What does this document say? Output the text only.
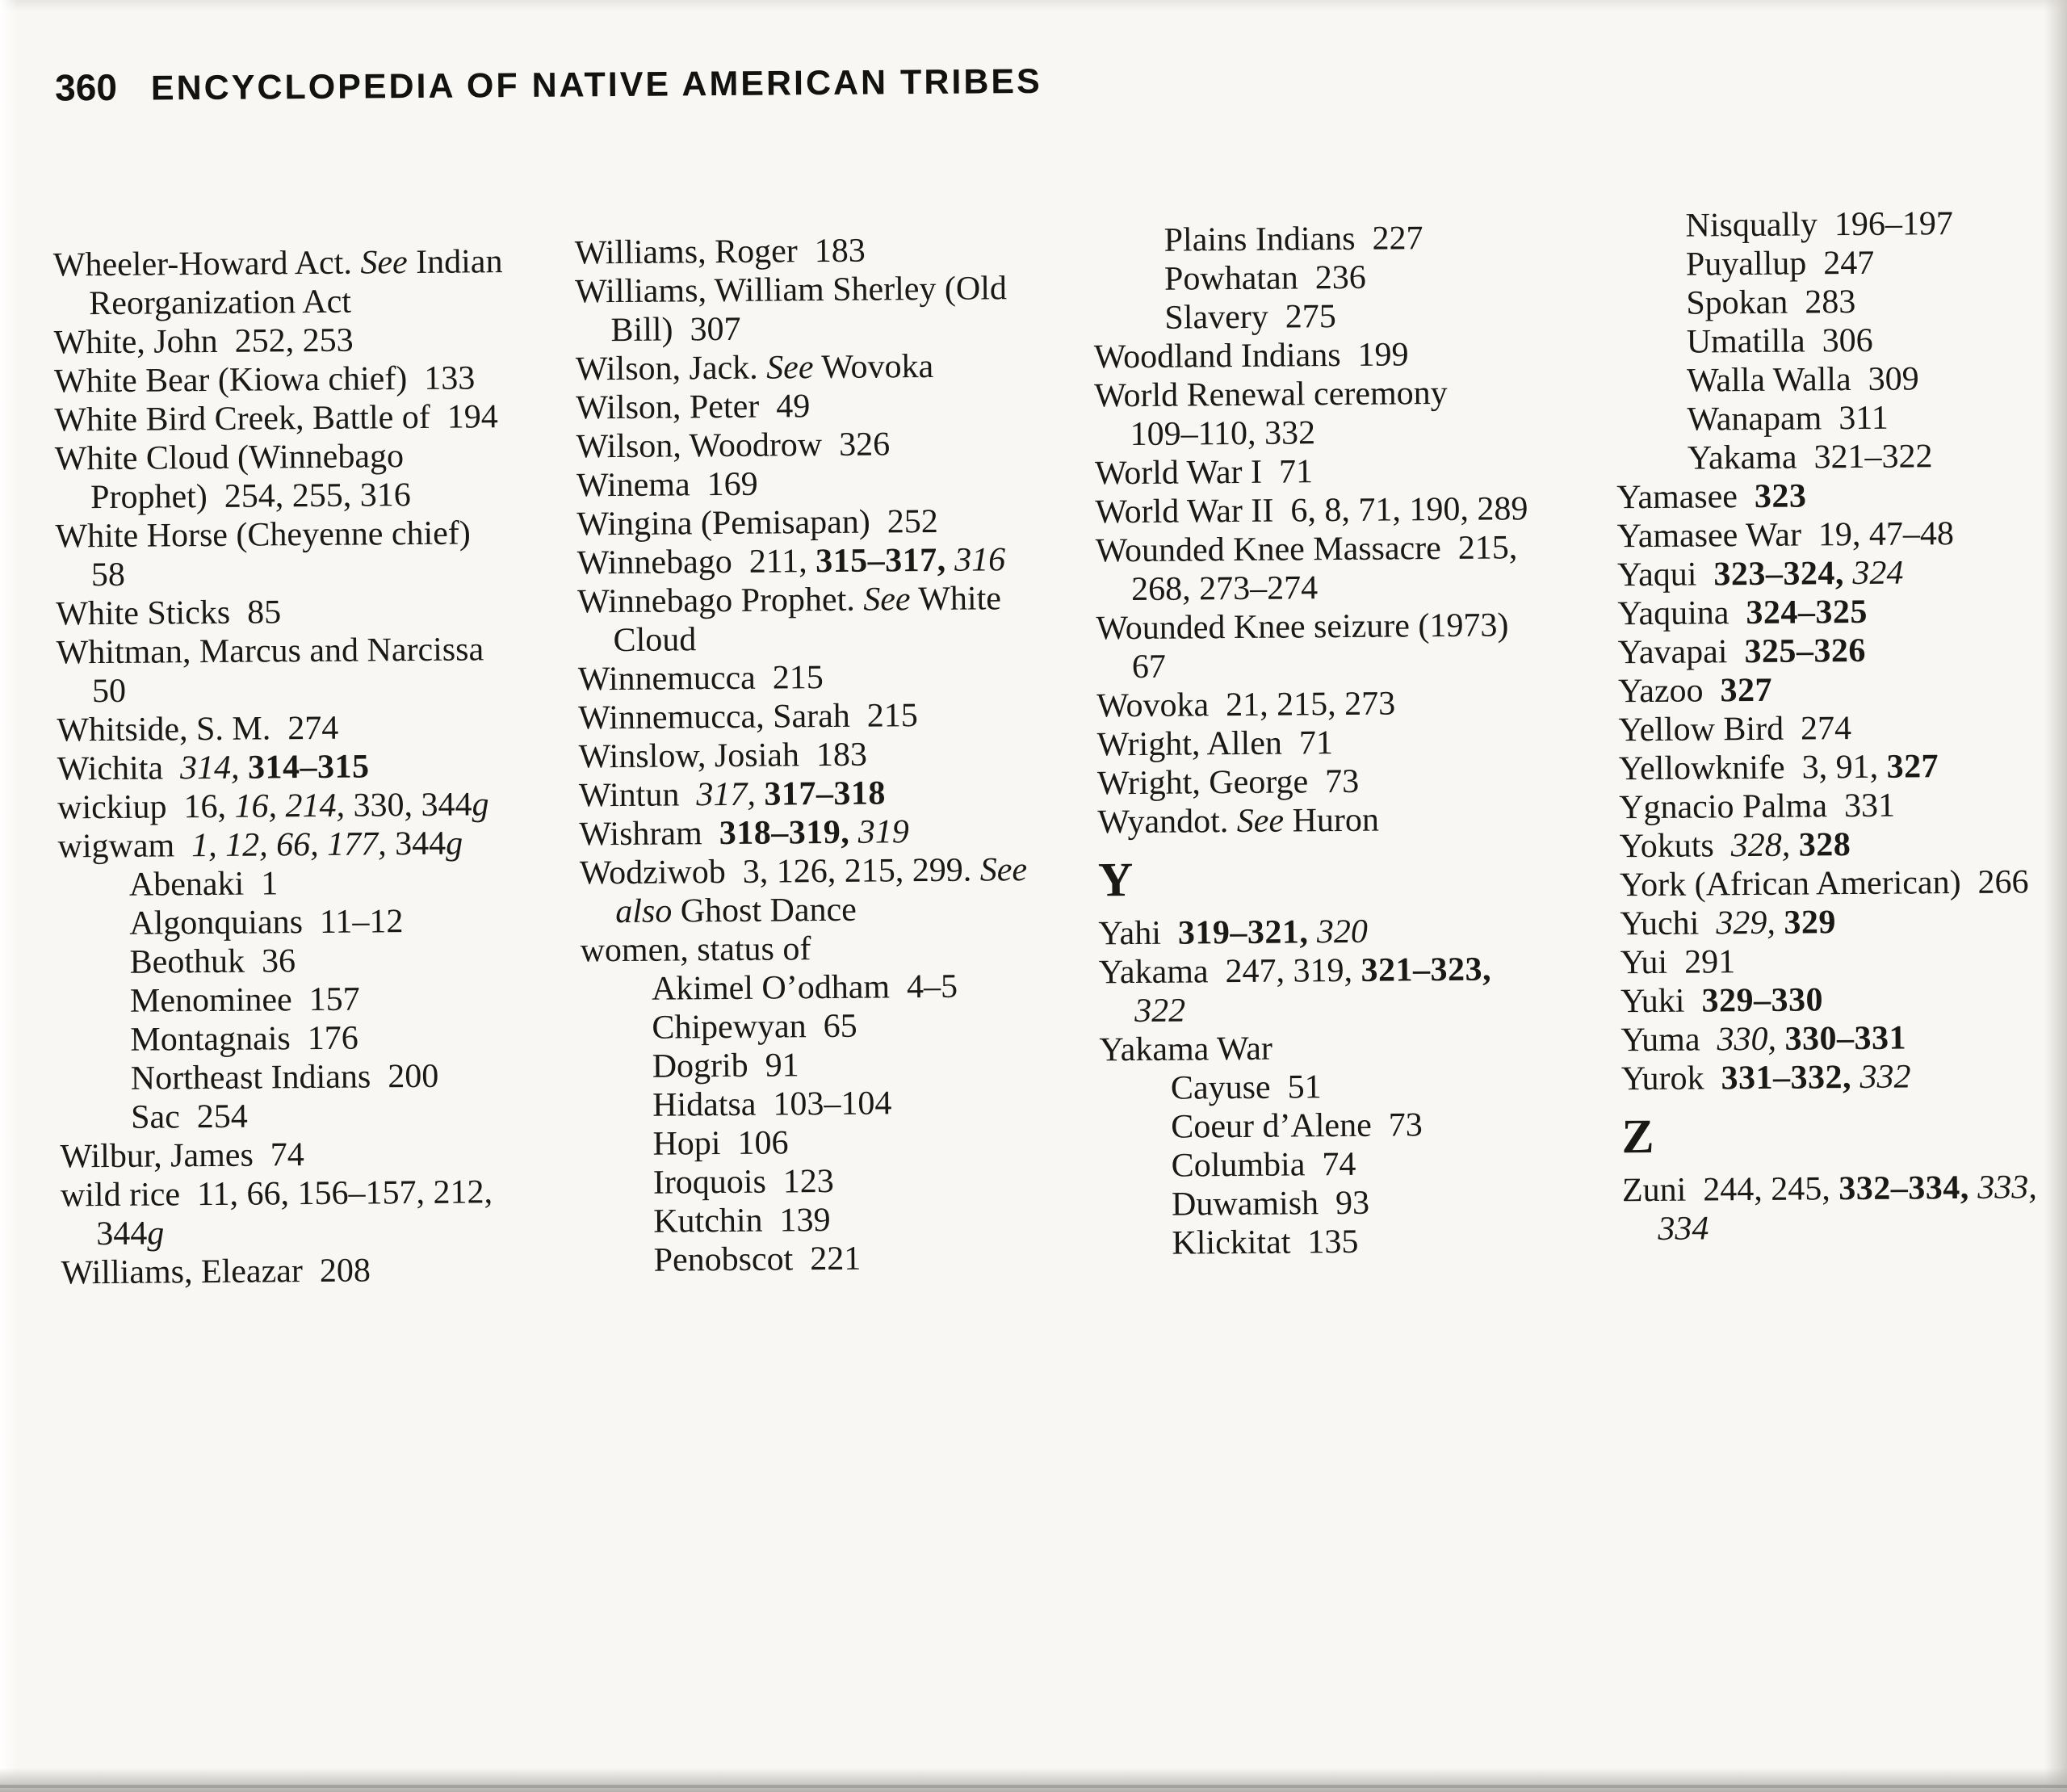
360 ENCYCLOPEDIA OF NATIVE AMERICAN TRIBES
Wheeler-Howard Act. See Indian
Reorganization Act
White, John  252, 253
White Bear (Kiowa chief)  133
White Bird Creek, Battle of  194
White Cloud (Winnebago
Prophet)  254, 255, 316
White Horse (Cheyenne chief)
58
White Sticks  85
Whitman, Marcus and Narcissa
50
Whitside, S. M.  274
Wichita  314, 314–315
wickiup  16, 16, 214, 330, 344g
wigwam  1, 12, 66, 177, 344g
Abenaki  1
Algonquians  11–12
Beothuk  36
Menominee  157
Montagnais  176
Northeast Indians  200
Sac  254
Wilbur, James  74
wild rice  11, 66, 156–157, 212,
344g
Williams, Eleazar  208
Williams, Roger  183
Williams, William Sherley (Old
Bill)  307
Wilson, Jack. See Wovoka
Wilson, Peter  49
Wilson, Woodrow  326
Winema  169
Wingina (Pemisapan)  252
Winnebago  211, 315–317, 316
Winnebago Prophet. See White
Cloud
Winnemucca  215
Winnemucca, Sarah  215
Winslow, Josiah  183
Wintun  317, 317–318
Wishram  318–319, 319
Wodziwob  3, 126, 215, 299. See
also Ghost Dance
women, status of
Akimel O’odham  4–5
Chipewyan  65
Dogrib  91
Hidatsa  103–104
Hopi  106
Iroquois  123
Kutchin  139
Penobscot  221
Plains Indians  227
Powhatan  236
Slavery  275
Woodland Indians  199
World Renewal ceremony
109–110, 332
World War I  71
World War II  6, 8, 71, 190, 289
Wounded Knee Massacre  215,
268, 273–274
Wounded Knee seizure (1973)
67
Wovoka  21, 215, 273
Wright, Allen  71
Wright, George  73
Wyandot. See Huron
Y
Yahi  319–321, 320
Yakama  247, 319, 321–323,
322
Yakama War
Cayuse  51
Coeur d’Alene  73
Columbia  74
Duwamish  93
Klickitat  135
Nisqually  196–197
Puyallup  247
Spokan  283
Umatilla  306
Walla Walla  309
Wanapam  311
Yakama  321–322
Yamasee  323
Yamasee War  19, 47–48
Yaqui  323–324, 324
Yaquina  324–325
Yavapai  325–326
Yazoo  327
Yellow Bird  274
Yellowknife  3, 91, 327
Ygnacio Palma  331
Yokuts  328, 328
York (African American)  266
Yuchi  329, 329
Yui  291
Yuki  329–330
Yuma  330, 330–331
Yurok  331–332, 332
Z
Zuni  244, 245, 332–334, 333,
334
